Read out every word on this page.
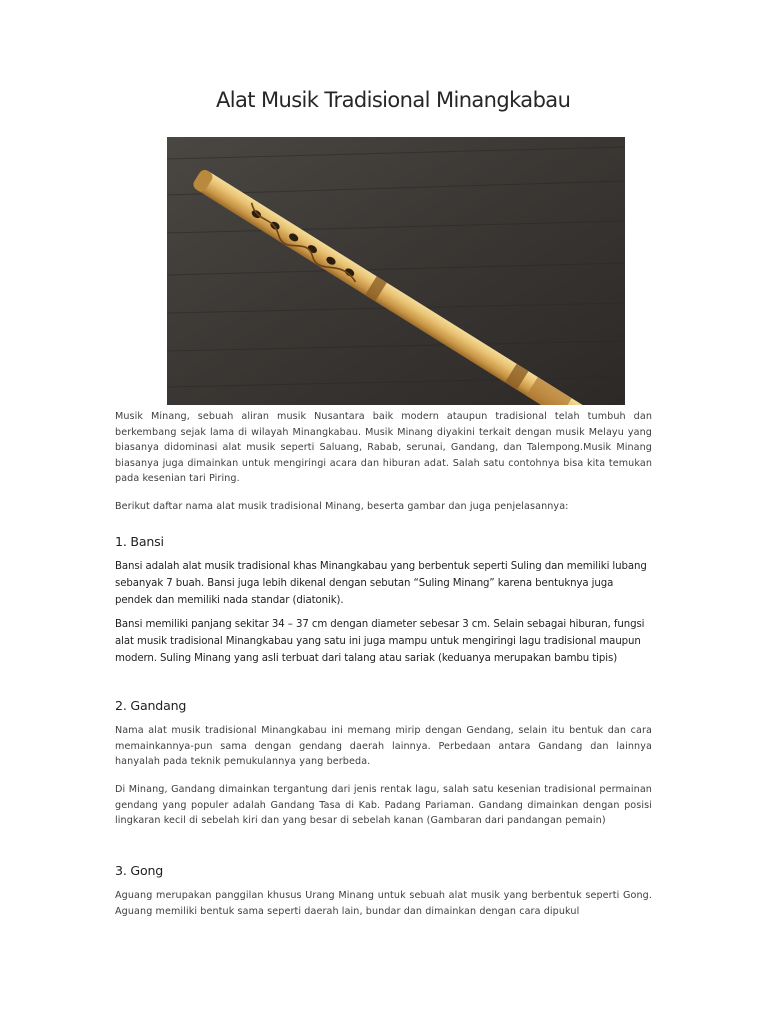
Alat Musik Tradisional Minangkabau

Musik Minang, sebuah aliran musik Nusantara baik modern ataupun tradisional telah tumbuh dan berkembang sejak lama di wilayah Minangkabau. Musik Minang diyakini terkait dengan musik Melayu yang biasanya didominasi alat musik seperti Saluang, Rabab, serunai, Gandang, dan Talempong.Musik Minang biasanya juga dimainkan untuk mengiringi acara dan hiburan adat. Salah satu contohnya bisa kita temukan pada kesenian tari Piring.

Berikut daftar nama alat musik tradisional Minang, beserta gambar dan juga penjelasannya:

1. Bansi

Bansi adalah alat musik tradisional khas Minangkabau yang berbentuk seperti Suling dan memiliki lubang sebanyak 7 buah. Bansi juga lebih dikenal dengan sebutan “Suling Minang” karena bentuknya juga pendek dan memiliki nada standar (diatonik).

Bansi memiliki panjang sekitar 34 – 37 cm dengan diameter sebesar 3 cm. Selain sebagai hiburan, fungsi alat musik tradisional Minangkabau yang satu ini juga mampu untuk mengiringi lagu tradisional maupun modern. Suling Minang yang asli terbuat dari talang atau sariak (keduanya merupakan bambu tipis)

2. Gandang

Nama alat musik tradisional Minangkabau ini memang mirip dengan Gendang, selain itu bentuk dan cara memainkannya-pun sama dengan gendang daerah lainnya. Perbedaan antara Gandang dan lainnya hanyalah pada teknik pemukulannya yang berbeda.

Di Minang, Gandang dimainkan tergantung dari jenis rentak lagu, salah satu kesenian tradisional permainan gendang yang populer adalah Gandang Tasa di Kab. Padang Pariaman. Gandang dimainkan dengan posisi lingkaran kecil di sebelah kiri dan yang besar di sebelah kanan (Gambaran dari pandangan pemain)

3. Gong

Aguang merupakan panggilan khusus Urang Minang untuk sebuah alat musik yang berbentuk seperti Gong. Aguang memiliki bentuk sama seperti daerah lain, bundar dan dimainkan dengan cara dipukul
